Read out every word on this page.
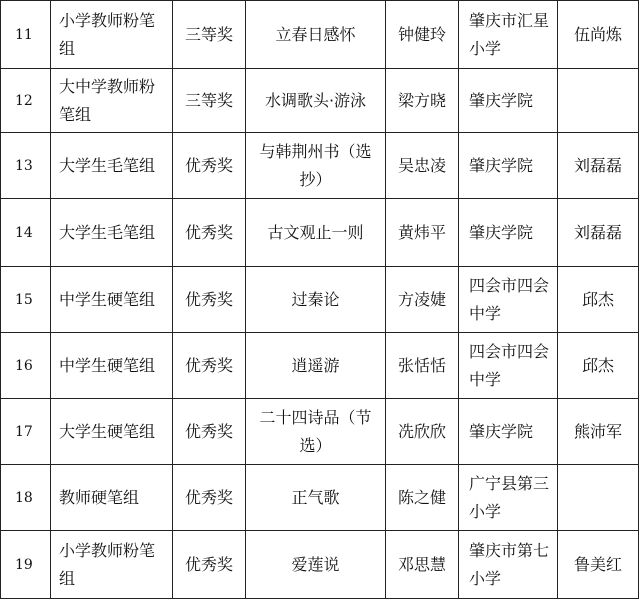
11	小学教师粉笔组	三等奖	立春日感怀	钟健玲	肇庆市汇星小学	伍尚炼
12	大中学教师粉笔组	三等奖	水调歌头·游泳	梁方晓	肇庆学院	
13	大学生毛笔组	优秀奖	与韩荆州书（选抄）	吴忠凌	肇庆学院	刘磊磊
14	大学生毛笔组	优秀奖	古文观止一则	黄炜平	肇庆学院	刘磊磊
15	中学生硬笔组	优秀奖	过秦论	方凌婕	四会市四会中学	邱杰
16	中学生硬笔组	优秀奖	逍遥游	张恬恬	四会市四会中学	邱杰
17	大学生硬笔组	优秀奖	二十四诗品（节选）	冼欣欣	肇庆学院	熊沛军
18	教师硬笔组	优秀奖	正气歌	陈之健	广宁县第三小学	
19	小学教师粉笔组	优秀奖	爱莲说	邓思慧	肇庆市第七小学	鲁美红
